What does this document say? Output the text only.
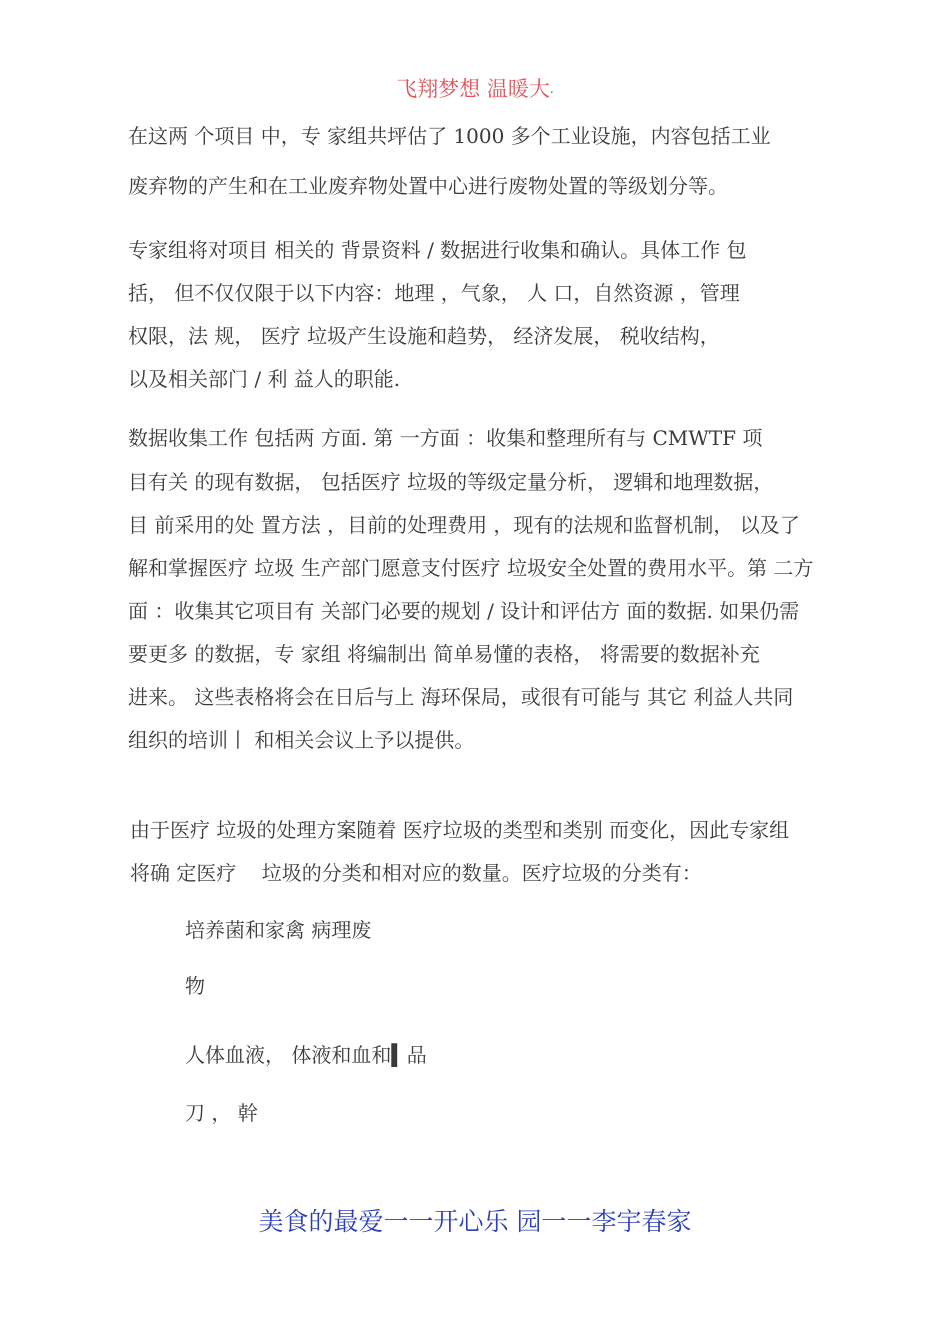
飞翔梦想 温暖大.
在这两 个项目 中，专 家组共坪估了 1000 多个工业设施，内容包括工业
废弃物的产生和在工业废弃物处置中心进行废物处置的等级划分等。
专家组将对项目 相关的 背景资料 / 数据进行收集和确认。具体工作 包
括， 但不仅仅限于以下内容：地理 ，气象， 人 口，自然资源 ，管理
权限，法 规， 医疗 垃圾产生设施和趋势， 经济发展， 税收结构，
以及相关部门 / 利 益人的职能.
数据收集工作 包括两 方面. 第 一方面 ：收集和整理所有与 CMWTF 项
目有关 的现有数据， 包括医疗 垃圾的等级定量分析， 逻辑和地理数据，
目 前采用的处 置方法 ，目前的处理费用 ，现有的法规和监督机制， 以及了
解和掌握医疗 垃圾 生产部门愿意支付医疗 垃圾安全处置的费用水平。第 二方
面 ：收集其它项目有 关部门必要的规划 / 设计和评估方 面的数据. 如果仍需
要更多 的数据，专 家组 将编制出 简单易懂的表格， 将需要的数据补充
进来。 这些表格将会在日后与上 海环保局，或很有可能与 其它 利益人共同
组织的培训丨 和相关会议上予以提供。
由于医疗 垃圾的处理方案随着 医疗垃圾的类型和类别 而变化，因此专家组
将确 定医疗    垃圾的分类和相对应的数量。医疗垃圾的分类有：
培养菌和家禽 病理废
物
人体血液， 体液和血和▍品
刀 ， 幹
美食的最爱一一开心乐 园一一李宇春家
